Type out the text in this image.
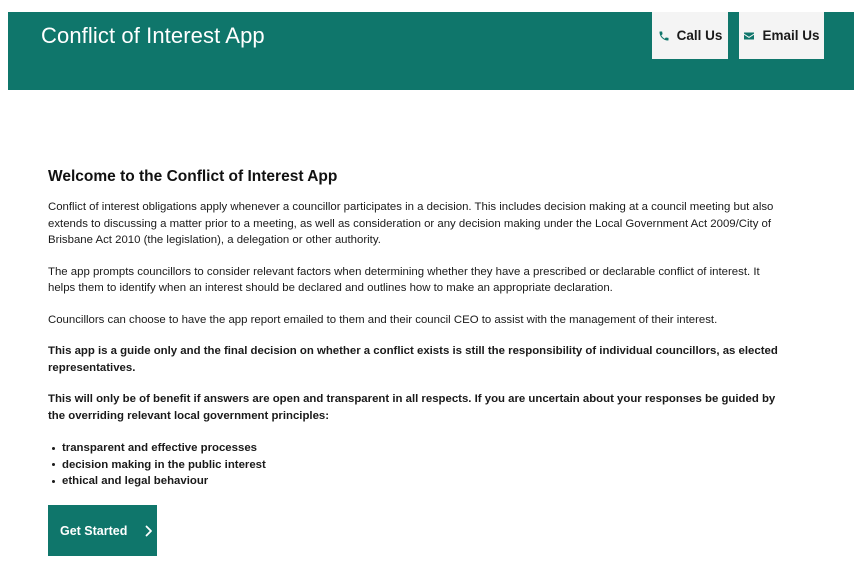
Conflict of Interest App	Call Us	Email Us
Welcome to the Conflict of Interest App

Conflict of interest obligations apply whenever a councillor participates in a decision. This includes decision making at a council meeting but also extends to discussing a matter prior to a meeting, as well as consideration or any decision making under the Local Government Act 2009/City of Brisbane Act 2010 (the legislation), a delegation or other authority.

The app prompts councillors to consider relevant factors when determining whether they have a prescribed or declarable conflict of interest. It helps them to identify when an interest should be declared and outlines how to make an appropriate declaration.

Councillors can choose to have the app report emailed to them and their council CEO to assist with the management of their interest.

This app is a guide only and the final decision on whether a conflict exists is still the responsibility of individual councillors, as elected representatives.

This will only be of benefit if answers are open and transparent in all respects. If you are uncertain about your responses be guided by the overriding relevant local government principles:

transparent and effective processes
decision making in the public interest
ethical and legal behaviour
Get Started
